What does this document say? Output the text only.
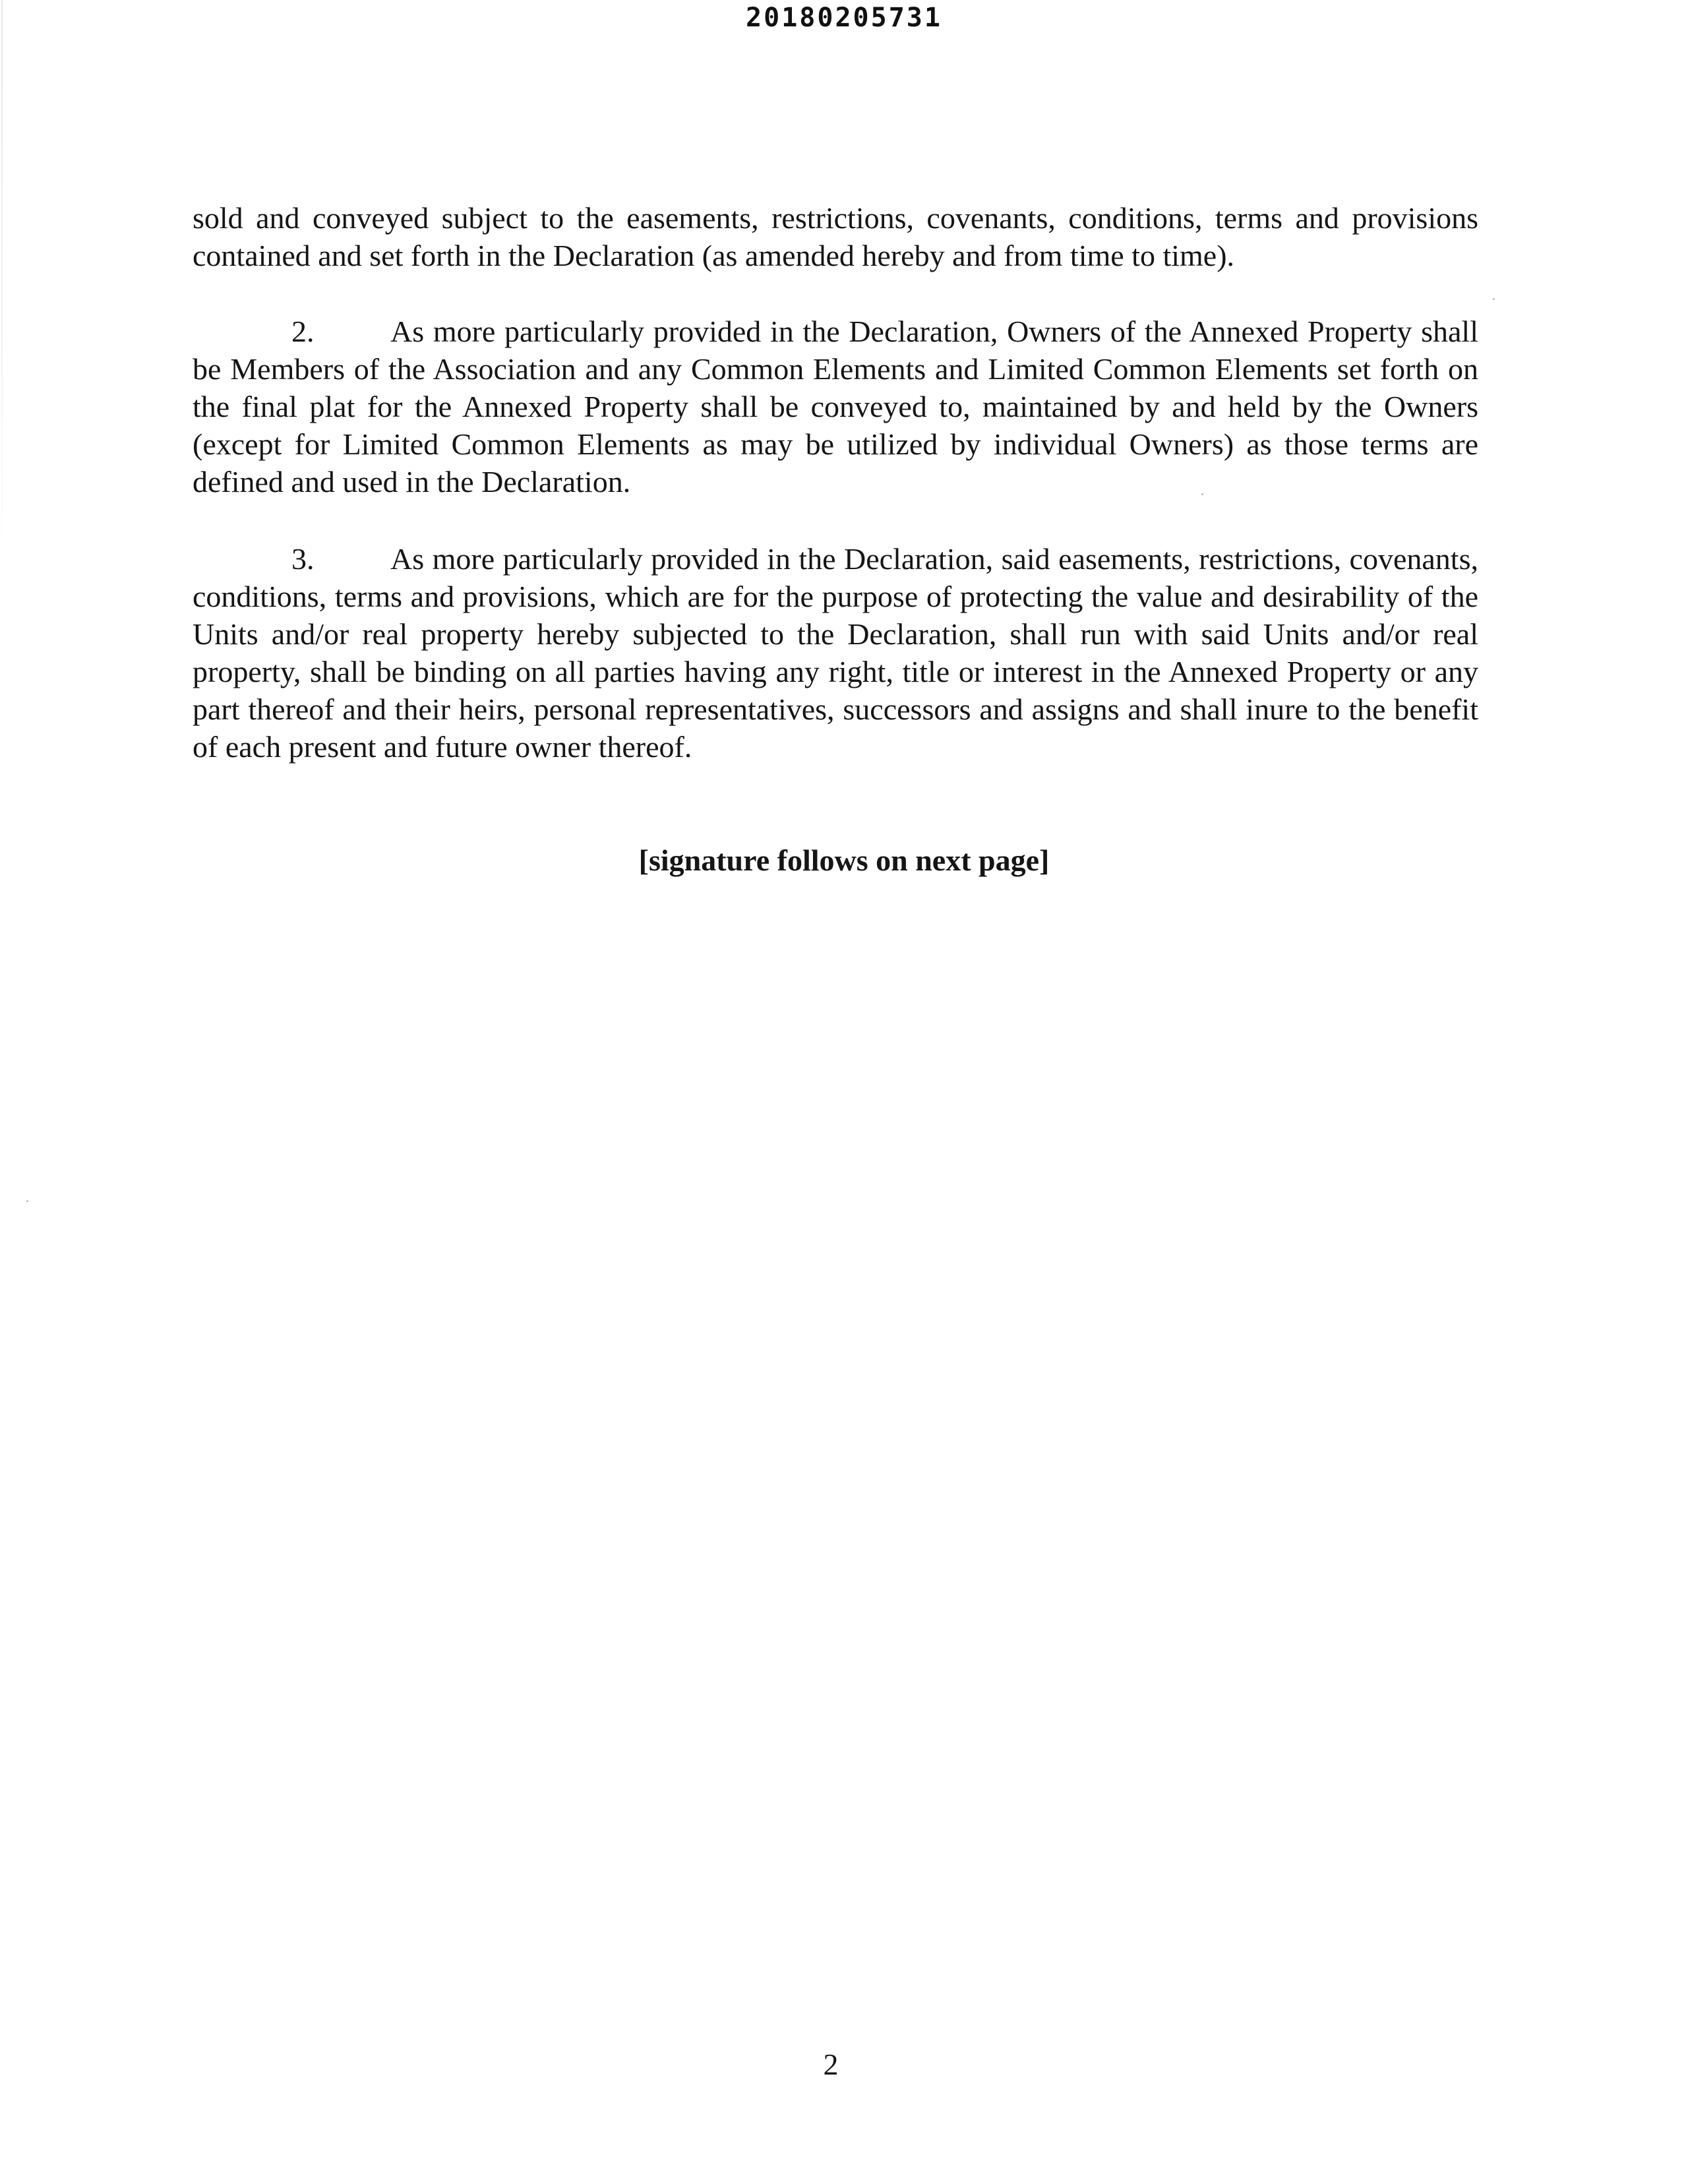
20180205731
sold and conveyed subject to the easements, restrictions, covenants, conditions, terms and provisions contained and set forth in the Declaration (as amended hereby and from time to time).
2.	As more particularly provided in the Declaration, Owners of the Annexed Property shall be Members of the Association and any Common Elements and Limited Common Elements set forth on the final plat for the Annexed Property shall be conveyed to, maintained by and held by the Owners (except for Limited Common Elements as may be utilized by individual Owners) as those terms are defined and used in the Declaration.
3.	As more particularly provided in the Declaration, said easements, restrictions, covenants, conditions, terms and provisions, which are for the purpose of protecting the value and desirability of the Units and/or real property hereby subjected to the Declaration, shall run with said Units and/or real property, shall be binding on all parties having any right, title or interest in the Annexed Property or any part thereof and their heirs, personal representatives, successors and assigns and shall inure to the benefit of each present and future owner thereof.
[signature follows on next page]
2
